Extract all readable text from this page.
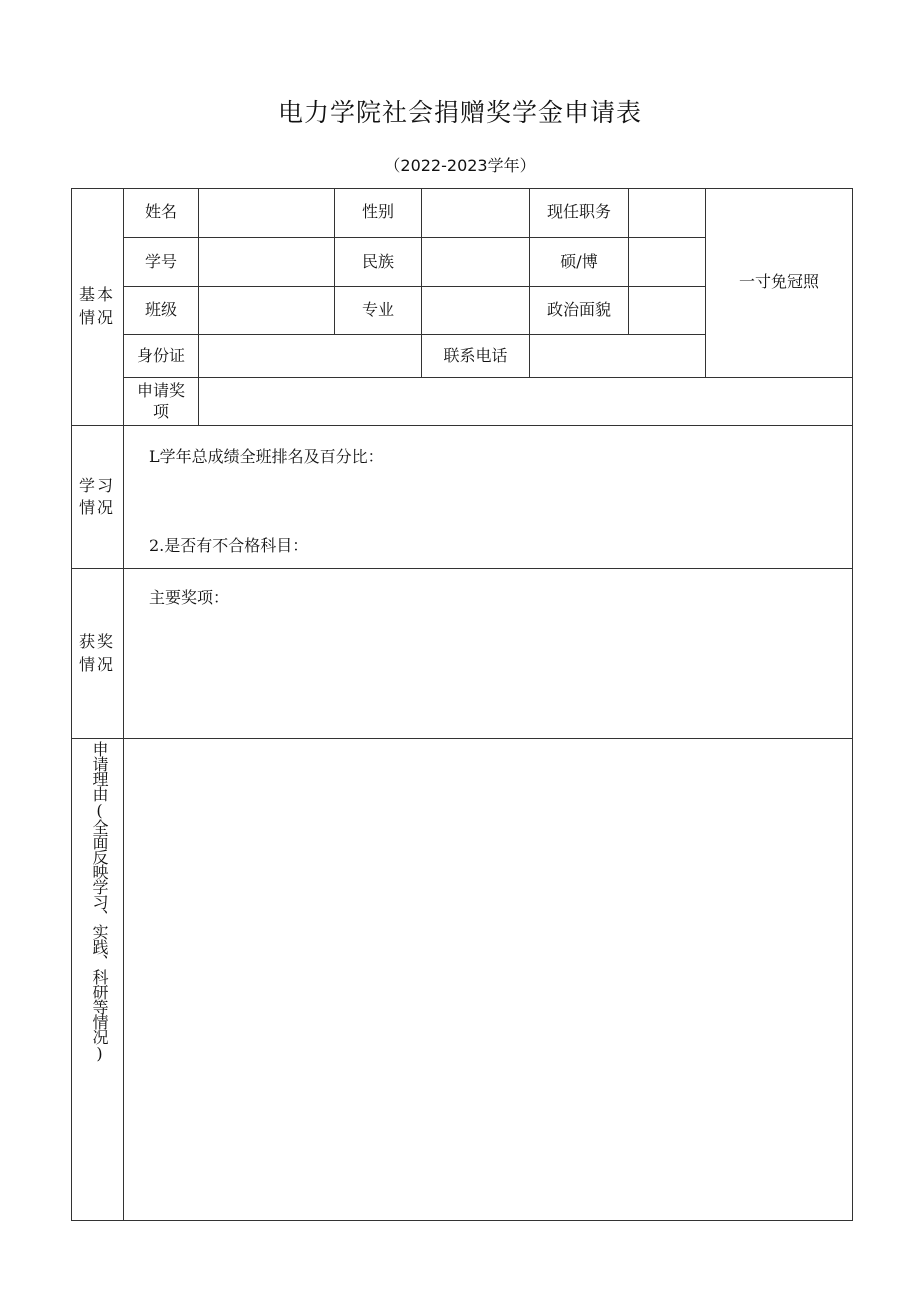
电力学院社会捐赠奖学金申请表
（2022-2023学年）
基本
情况
姓名	性别	现任职务
一寸免冠照
学号	民族	硕/博
班级	专业	政治面貌
身份证	联系电话
申请奖
项
学习
情况
L学年总成绩全班排名及百分比：
2.是否有不合格科目：
获奖
情况
主要奖项：
申请理由(全面反映学习、实践、科研等情况)
